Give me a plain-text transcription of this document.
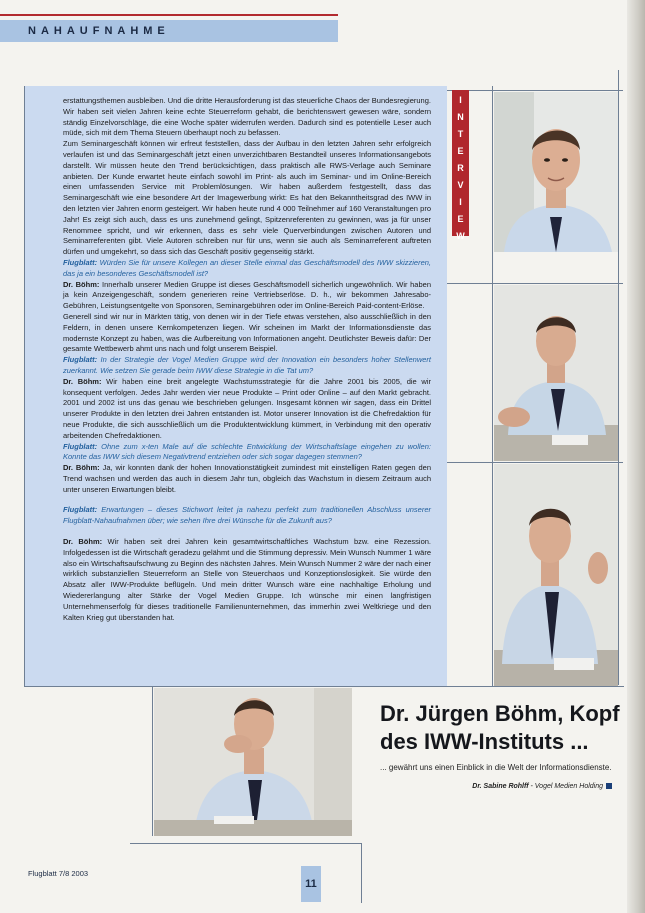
NAHAUFNAHME

erstattungsthemen ausbleiben. Und die dritte Herausforderung ist das steuerliche Chaos der Bundesregierung. Wir haben seit vielen Jahren keine echte Steuerreform gehabt, die berichtenswert gewesen wäre, sondern ständig Einzelvorschläge, die eine Woche später widerrufen werden. Dadurch sind es potentielle Leser auch müde, sich mit dem Thema Steuern überhaupt noch zu befassen.

Zum Seminargeschäft können wir erfreut feststellen, dass der Aufbau in den letzten Jahren sehr erfolgreich verlaufen ist und das Seminargeschäft jetzt einen unverzichtbaren Bestandteil unseres Informationsangebots darstellt. Wir müssen heute den Trend berücksichtigen, dass praktisch alle RWS-Verlage auch Seminare anbieten. Der Kunde erwartet heute einfach sowohl im Print- als auch im Seminar- und im Online-Bereich einen umfassenden Service mit Problemlösungen. Wir haben außerdem festgestellt, dass das Seminargeschäft wie eine besondere Art der Imagewerbung wirkt: Es hat den Bekanntheitsgrad des IWW in den letzten vier Jahren enorm gesteigert. Wir haben heute rund 4 000 Teilnehmer auf 160 Veranstaltungen pro Jahr! Es zeigt sich auch, dass es uns zunehmend gelingt, Spitzenreferenten zu gewinnen, was ja für unser Renommee spricht, und wir erkennen, dass es sehr viele Querverbindungen zwischen Autoren und Seminarreferenten gibt. Viele Autoren schreiben nur für uns, wenn sie auch als Seminarreferent auftreten dürfen und umgekehrt, so dass sich das Geschäft positiv gegenseitig stärkt.

Flugblatt: Würden Sie für unsere Kollegen an dieser Stelle einmal das Geschäftsmodell des IWW skizzieren, das ja ein besonderes Geschäftsmodell ist?

Dr. Böhm: Innerhalb unserer Medien Gruppe ist dieses Geschäftsmodell sicherlich ungewöhnlich. Wir haben ja kein Anzeigengeschäft, sondern generieren reine Vertriebserlöse. D. h., wir bekommen Jahresabo-Gebühren, Leistungsentgelte von Sponsoren, Seminargebühren oder im Online-Bereich Paid-content-Erlöse.

Generell sind wir nur in Märkten tätig, von denen wir in der Tiefe etwas verstehen, also ausschließlich in den Feldern, in denen unsere Kernkompetenzen liegen. Wir scheinen im Markt der Informationsdienste das modernste Konzept zu haben, was die Aufbereitung von Informationen angeht. Deutlichster Beweis dafür: Der gesamte Wettbewerb ahmt uns nach und folgt unserem Beispiel.

Flugblatt: In der Strategie der Vogel Medien Gruppe wird der Innovation ein besonders hoher Stellenwert zuerkannt. Wie setzen Sie gerade beim IWW diese Strategie in die Tat um?

Dr. Böhm: Wir haben eine breit angelegte Wachstumsstrategie für die Jahre 2001 bis 2005, die wir konsequent verfolgen. Jedes Jahr werden vier neue Produkte – Print oder Online – auf den Markt gebracht. 2001 und 2002 ist uns das genau wie beschrieben gelungen. Insgesamt können wir sagen, dass ein Drittel unserer Produkte in den letzten drei Jahren entstanden ist. Motor unserer Innovation ist die Chefredaktion für neue Produkte, die sich ausschließlich um die Produktentwicklung kümmert, in Verbindung mit den operativ arbeitenden Chefredaktionen.

Flugblatt: Ohne zum x-ten Male auf die schlechte Entwicklung der Wirtschaftslage eingehen zu wollen: Konnte das IWW sich diesem Negativtrend entziehen oder sich sogar dagegen stemmen?

Dr. Böhm: Ja, wir konnten dank der hohen Innovationstätigkeit zumindest mit einstelligen Raten gegen den Trend wachsen und werden das auch in diesem Jahr tun, obgleich das Wachstum in diesem Zeitraum auch unter unseren Erwartungen bleibt.

Flugblatt: Erwartungen – dieses Stichwort leitet ja nahezu perfekt zum traditionellen Abschluss unserer Flugblatt-Nahaufnahmen über; wie sehen Ihre drei Wünsche für die Zukunft aus?

Dr. Böhm: Wir haben seit drei Jahren kein gesamtwirtschaftliches Wachstum bzw. eine Rezession. Infolgedessen ist die Wirtschaft geradezu gelähmt und die Stimmung depressiv. Mein Wunsch Nummer 1 wäre also ein Wirtschaftsaufschwung zu Beginn des nächsten Jahres. Mein Wunsch Nummer 2 wäre der nach einer wirklich substanziellen Steuerreform an Stelle von Steuerchaos und Konzeptionslosigkeit. Sie würde den Absatz aller IWW-Produkte beflügeln. Und mein dritter Wunsch wäre eine nachhaltige Erholung und Wiedererlangung alter Stärke der Vogel Medien Gruppe. Ich wünsche mir einen langfristigen Unternehmenserfolg für dieses traditionelle Familienunternehmen, das immerhin zwei Weltkriege und den Kalten Krieg gut überstanden hat.

I
N
T
E
R
V
I
E
W
Dr. Jürgen Böhm, Kopf
des IWW-Instituts ...
... gewährt uns einen Einblick in die Welt der Informationsdienste.
Dr. Sabine Rohlff - Vogel Medien Holding
Flugblatt 7/8 2003
11
